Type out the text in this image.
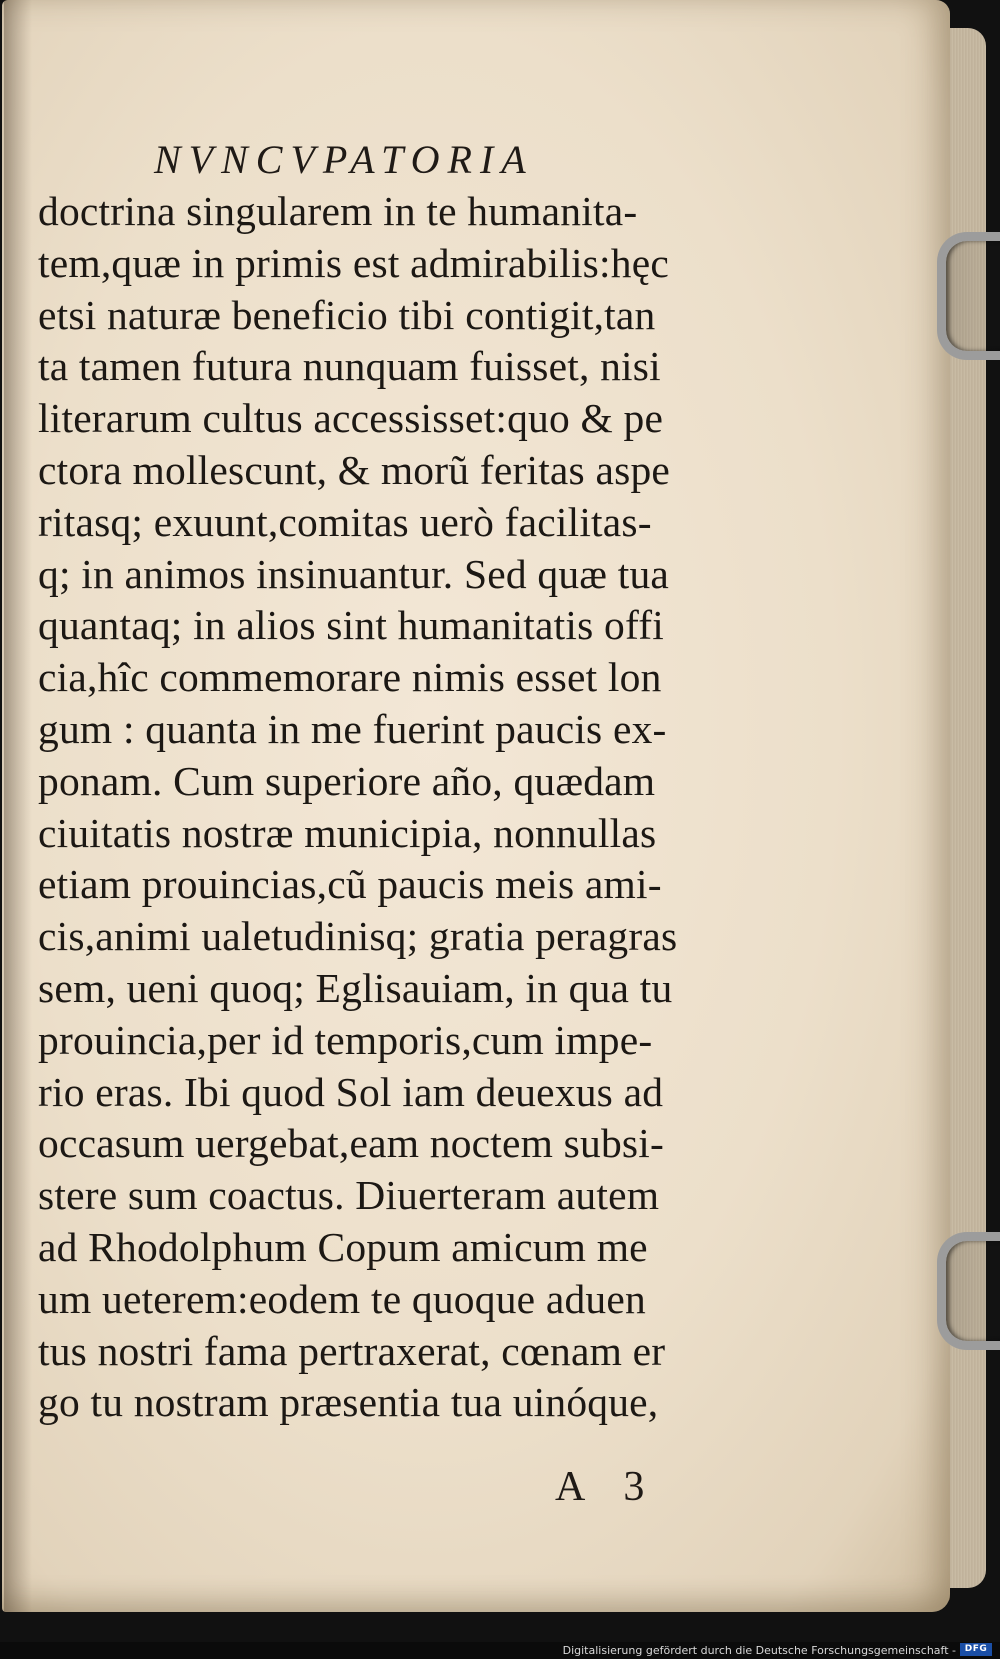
NVNCVPATORIA
doctrina singularem in te humanita-
tem,quæ in primis est admirabilis:hęc
etsi naturæ beneficio tibi contigit,tan
ta tamen futura nunquam fuisset, nisi
literarum cultus accessisset:quo & pe
ctora mollescunt, & morũ feritas aspe
ritasq; exuunt,comitas uerò facilitas-
q; in animos insinuantur. Sed quæ tua
quantaq; in alios sint humanitatis offi
cia,hîc commemorare nimis esset lon
gum : quanta in me fuerint paucis ex-
ponam. Cum superiore año, quædam
ciuitatis nostræ municipia, nonnullas
etiam prouincias,cũ paucis meis ami-
cis,animi ualetudinisq; gratia peragras
sem, ueni quoq; Eglisauiam, in qua tu
prouincia,per id temporis,cum impe-
rio eras. Ibi quod Sol iam deuexus ad
occasum uergebat,eam noctem subsi-
stere sum coactus. Diuerteram autem
ad Rhodolphum Copum amicum me
um ueterem:eodem te quoque aduen
tus nostri fama pertraxerat, cœnam er
go tu nostram præsentia tua uinóque,
A 3
Digitalisierung gefördert durch die Deutsche Forschungsgemeinschaft - DFG
